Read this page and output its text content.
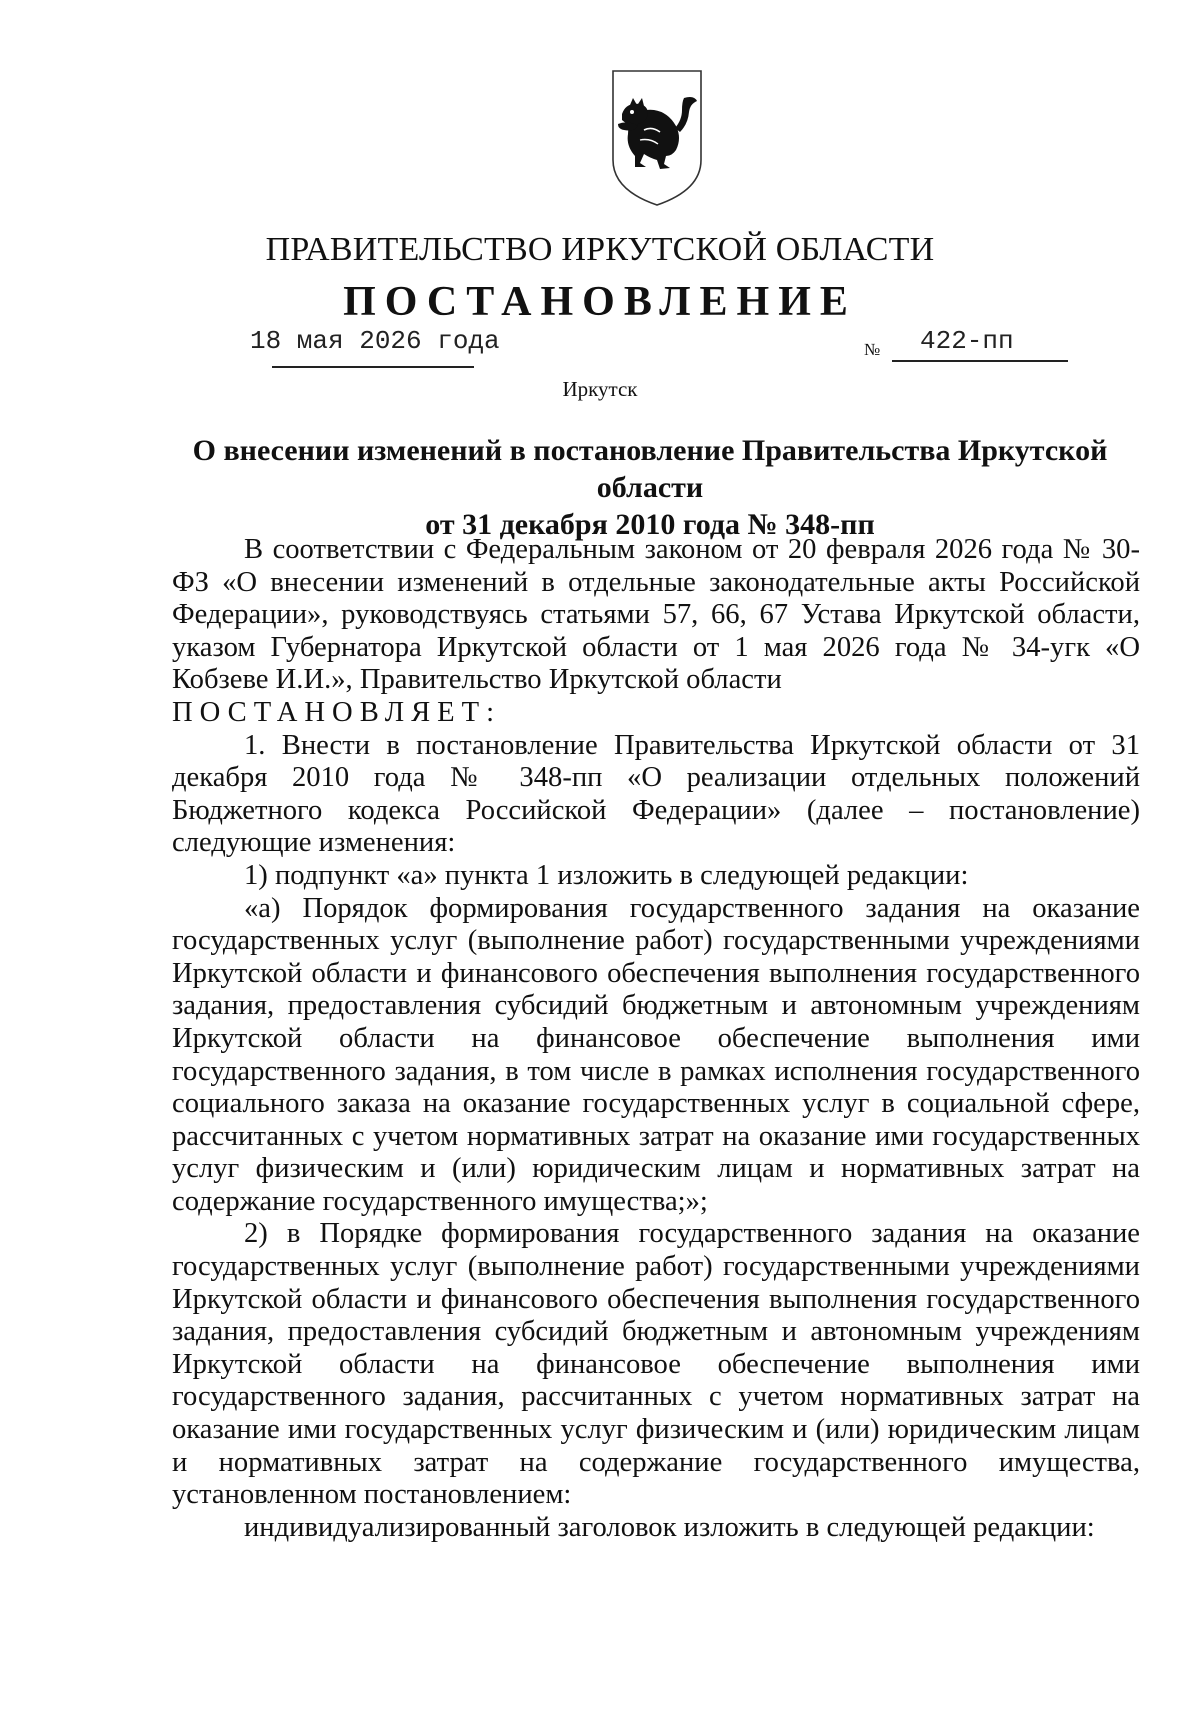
ПРАВИТЕЛЬСТВО ИРКУТСКОЙ ОБЛАСТИ
ПОСТАНОВЛЕНИЕ
18 мая 2026 года	№ 422-пп
Иркутск
О внесении изменений в постановление Правительства Иркутской области
от 31 декабря 2010 года № 348-пп

В соответствии с Федеральным законом от 20 февраля 2026 года № 30-ФЗ «О внесении изменений в отдельные законодательные акты Российской Федерации», руководствуясь статьями 57, 66, 67 Устава Иркутской области, указом Губернатора Иркутской области от 1 мая 2026 года № 34-угк «О Кобзеве И.И.», Правительство Иркутской области

ПОСТАНОВЛЯЕТ:

1. Внести в постановление Правительства Иркутской области от 31 декабря 2010 года № 348-пп «О реализации отдельных положений Бюджетного кодекса Российской Федерации» (далее – постановление) следующие изменения:

1) подпункт «а» пункта 1 изложить в следующей редакции:

«а) Порядок формирования государственного задания на оказание государственных услуг (выполнение работ) государственными учреждениями Иркутской области и финансового обеспечения выполнения государственного задания, предоставления субсидий бюджетным и автономным учреждениям Иркутской области на финансовое обеспечение выполнения ими государственного задания, в том числе в рамках исполнения государственного социального заказа на оказание государственных услуг в социальной сфере, рассчитанных с учетом нормативных затрат на оказание ими государственных услуг физическим и (или) юридическим лицам и нормативных затрат на содержание государственного имущества;»;

2) в Порядке формирования государственного задания на оказание государственных услуг (выполнение работ) государственными учреждениями Иркутской области и финансового обеспечения выполнения государственного задания, предоставления субсидий бюджетным и автономным учреждениям Иркутской области на финансовое обеспечение выполнения ими государственного задания, рассчитанных с учетом нормативных затрат на оказание ими государственных услуг физическим и (или) юридическим лицам и нормативных затрат на содержание государственного имущества, установленном постановлением:

индивидуализированный заголовок изложить в следующей редакции:
